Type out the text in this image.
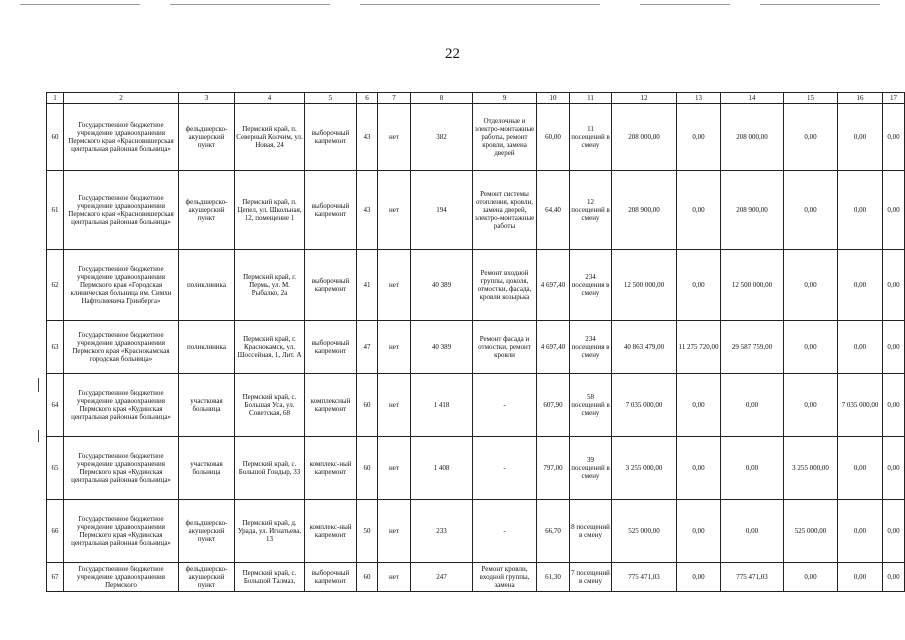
22
1	2	3	4	5	6	7	8	9	10	11	12	13	14	15	16	17
60	Государственное бюджетное учреждение здравоохранения Пермского края «Красновишерская центральная районная больница»	фельдшерско-акушерский пункт	Пермский край, п. Северный Колчим, ул. Новая, 24	выборочный капремонт	43	нет	382	Отделочные и электро-монтажные работы, ремонт кровли, замена дверей	60,00	11 посещений в смену	208 000,00	0,00	208 000,00	0,00	0,00	0,00
61	Государственное бюджетное учреждение здравоохранения Пермского края «Красновишерская центральная районная больница»	фельдшерско-акушерский пункт	Пермский край, п. Цепел, ул. Школьная, 12, помещение 1	выборочный капремонт	43	нет	194	Ремонт системы отопления, кровли, замена дверей, электро-монтажные работы	64,40	12 посещений в смену	208 900,00	0,00	208 900,00	0,00	0,00	0,00
62	Государственное бюджетное учреждение здравоохранения Пермского края «Городская клиническая больница им. Симхи Нафтолиевича Гринберга»	поликлиника	Пермский край, г. Пермь, ул. М. Рыбалко, 2а	выборочный капремонт	41	нет	40 389	Ремонт входной группы, цоколя, отмостки, фасада, кровли козырька	4 697,40	234 посещения в смену	12 500 000,00	0,00	12 500 000,00	0,00	0,00	0,00
63	Государственное бюджетное учреждение здравоохранения Пермского края «Краснокамская городская больница»	поликлиника	Пермский край, г. Краснокамск, ул. Шоссейная, 1, Лит. А	выборочный капремонт	47	нет	40 389	Ремонт фасада и отмостки, ремонт кровли	4 697,40	234 посещения в смену	40 863 479,00	11 275 720,00	29 587 759,00	0,00	0,00	0,00
64	Государственное бюджетное учреждение здравоохранения Пермского края «Кудинская центральная районная больница»	участковая больница	Пермский край, с. Большая Уса, ул. Советская, 68	комплексный капремонт	60	нет	1 418	-	607,90	58 посещений в смену	7 035 000,00	0,00	0,00	0,00	7 035 000,00	0,00
65	Государственное бюджетное учреждение здравоохранения Пермского края «Кудинская центральная районная больница»	участковая больница	Пермский край, с. Большой Гондыр, 33	комплекс-ный капремонт	60	нет	1 408	-	797,00	39 посещений в смену	3 255 000,00	0,00	0,00	3 255 000,00	0,00	0,00
66	Государственное бюджетное учреждение здравоохранения Пермского края «Кудинская центральная районная больница»	фельдшерско-акушерский пункт	Пермский край, д. Урада, ул. Игнатьева, 13	комплекс-ный капремонт	50	нет	233	-	66,70	8 посещений в смену	525 000,00	0,00	0,00	525 000,00	0,00	0,00
67	Государственное бюджетное учреждение здравоохранения Пермского	фельдшерско-акушерский пункт	Пермский край, с. Большой Талмаз,	выборочный капремонт	60	нет	247	Ремонт кровли, входной группы, замена	61,30	7 посещений в смену	775 471,03	0,00	775 471,03	0,00	0,00	0,00
